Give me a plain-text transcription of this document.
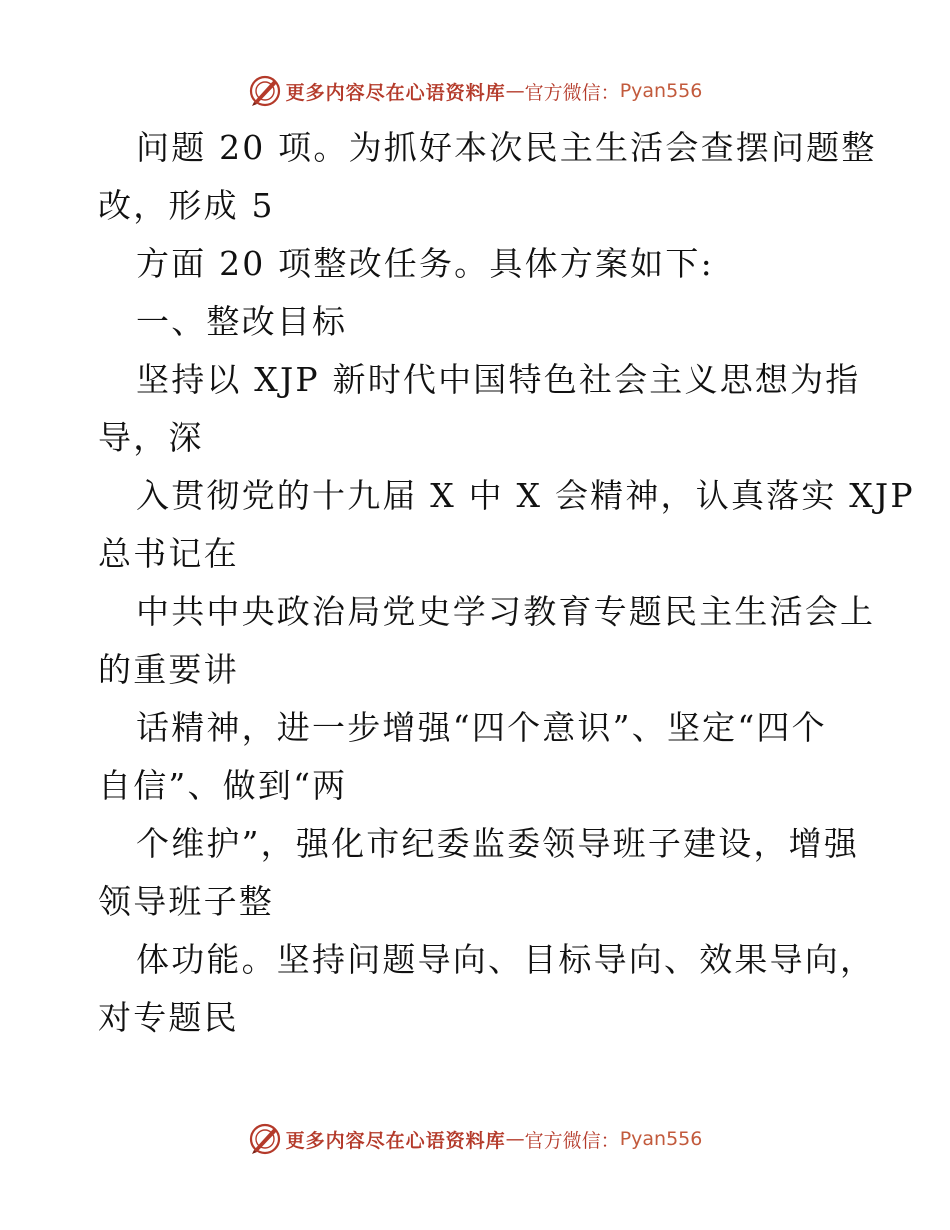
更多内容尽在心语资料库 — 官方微信： Pyan556
问题 20 项。为抓好本次民主生活会查摆问题整
改，形成 5
方面 20 项整改任务。具体方案如下:
一、整改目标
坚持以 XJP 新时代中国特色社会主义思想为指
导，深
入贯彻党的十九届 X 中 X 会精神，认真落实 XJP
总书记在
中共中央政治局党史学习教育专题民主生活会上
的重要讲
话精神，进一步增强“四个意识”、坚定“四个
自信”、做到“两
个维护”，强化市纪委监委领导班子建设，增强
领导班子整
体功能。坚持问题导向、目标导向、效果导向，
对专题民
更多内容尽在心语资料库 — 官方微信： Pyan556
